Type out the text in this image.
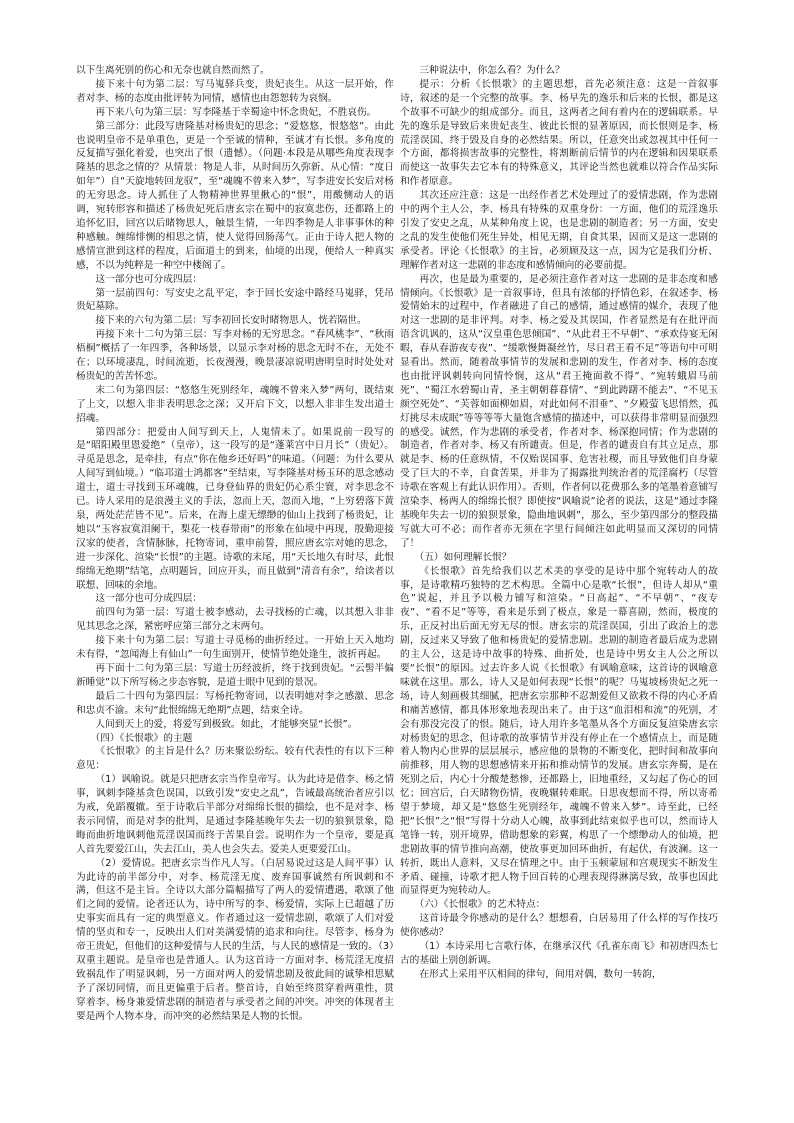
以下生离死别的伤心和无奈也就自然而然了。

接下来十句为第二层：写马嵬驿兵变，贵妃丧生。从这一层开始，作者对李、杨的态度由批评转为同情，感情也由怨恕转为哀悯。

再下来八句为第三层：写李隆基于幸蜀途中怀念贵妃，不胜哀伤。

第三部分：此段写唐隆基对杨贵妃的思念；“爱悠悠，恨悠悠”。由此也说明皇帝不是单重色，更是一个至诚的情种，至诚才有长恨。多角度的反复描写强化着爱，也突出了恨（遗憾）。（问题·本段是从哪些角度表现李隆基的思念之情的？从情景：物是人非，从时间历久弥新、从心情：“度日如年”）自“天旋地转回龙驭”，至“魂魄不曾来入梦”，写李进安长安后对杨的无穷思念。诗人抓住了人物精神世界里揪心的“恨”，用酸恻动人的语调，宛转形容和描述了杨贵妃死后唐玄宗在蜀中的寂寞悲伤，还都路上的追怀忆旧，回宫以后睹物思人，触景生情，一年四季物是人非事事休的种种感触。缠绵悱恻的相思之情，使人觉得回肠荡气。正由于诗人把人物的感情宣泄到这样的程度，后面道士的到来，仙境的出现，便给人一种真实感，不以为纯粹是一种空中楼阁了。

这一部分也可分成四层：

第一层前四句：写安史之乱平定，李于回长安途中路经马嵬驿，凭吊贵妃墓除。

接下来的六句为第二层：写李初回长安时睹物思人，恍若隔世。

再接下来十二句为第三层：写李对杨的无穷思念。“春风桃李”、“秋雨梧桐”概括了一年四季，各种场景，以显示李对杨的思念无时不在，无处不在；以环境凄乱，时间流逝，长夜漫漫，晚景凄凉说明唐明皇时时处处对杨贵妃的苦苦怀恋。

末二句为第四层：“悠悠生死别经年，魂魄不曾来入梦”两句，既结束了上文，以想入非非表明思念之深；又开启下文，以想入非非生发出道士招魂。

第四部分：把爱由人间写到天上，人鬼情未了。如果说前一段写的是“昭阳殿里恩爱绝”（皇帝），这一段写的是“蓬莱宫中日月长”（贵妃）。寻觅是思念，是牵挂，有点“你在他乡还好吗”的味道。（问题：为什么要从人间写到仙境。）“临邛道士鸿都客”至结束，写李隆基对杨玉环的思念感动道士，道士寻找到玉环魂魄，已身登仙界的贵妃仍心系尘寰，对李思念不已。诗人采用的是浪漫主义的手法，忽而上天，忽而入地，“上穷碧落下黄泉，两处茫茫皆不见”。后来，在海上虚无缥缈的仙山上找到了杨贵妃，让她以“玉容寂寞泪阑干，梨花一枝春带雨”的形象在仙境中再现，殷勤迎接汉家的使者，含情脉脉，托物寄词，重申前誓，照应唐玄宗对她的思念，进一步深化、渲染“长恨”的主题。诗歌的末尾，用“天长地久有时尽，此恨绵绵无绝期”结笔，点明题旨，回应开头，而且做到“清音有余”，给读者以联想、回味的余地。

这一部分也可分成四层：

前四句为第一层：写道士被李感动，去寻找杨的亡魂，以其想入非非见其思念之深，紧密呼应第三部分之末两句。

接下来十句为第二层：写道士寻觅杨的曲折经过。一开始上天入地均未有得，“忽闻海上有仙山”一句生面别开，使情节绝处逢生，波折再起。

再下面十二句为第三层：写道士历经波折，终于找到贵妃。“云髻半偏新睡觉”以下所写杨之步态容貌，是道士眼中见到的景况。

最后二十四句为第四层：写杨托物寄词，以表明她对李之感激、思念和忠贞不渝。末句“此恨绵绵无绝期”点题，结束全诗。

人间到天上的爱，将爱写到极致。如此，才能够突显“长恨”。

（四）《长恨歌》的主题

《长恨歌》的主旨是什么？历来聚讼纷纭。较有代表性的有以下三种意见：

（1）讽喻说。就是只把唐玄宗当作皇帝写。认为此诗是借李、杨之情事，讽刺李隆基贪色误国，以致引发“安史之乱”，告诫最高统治者应引以为戒，免蹈覆辙。至于诗歌后半部分对绵绵长恨的描绘，也不是对李、杨表示同情，而是对李的批判，是通过李隆基晚年失去一切的狼狈景象，隐晦而曲折地讽刺他荒淫误国而终于苦果自尝。说明作为一个皇帝，要是真人首先要爱江山，失去江山，美人也会失去。爱美人更要爱江山。

（2）爱情说。把唐玄宗当作凡人写。（白居易说过这是人间平事）认为此诗的前半部分中，对李、杨荒淫无度、废弃国事诚然有所讽刺和不满，但这不是主旨。全诗以大部分篇幅描写了两人的爱情遭遇，歌颂了他们之间的爱情。论者还认为，诗中所写的李、杨爱情，实际上已超越了历史事实而具有一定的典型意义。作者通过这一爱情悲剧，歌颂了人们对爱情的坚贞和专一，反映出人们对美满爱情的追求和向往。尽管李、杨身为帝王贵妃，但他们的这种爱情与人民的生活，与人民的感情是一致的。（3）双重主题说。是皇帝也是普通人。认为这首诗一方面对李、杨荒淫无度招致祸乱作了明显讽刺，另一方面对两人的爱情悲剧及彼此间的诚挚相思赋予了深切同情，而且更偏重于后者。整首诗，自始至终贯穿着两重性，贯穿着李、杨身兼爱情悲剧的制造者与承受者之间的冲突。冲突的体现者主要是两个人物本身，而冲突的必然结果是人物的长恨。

三种说法中，你怎么看？为什么？

提示：分析《长恨歌》的主题思想，首先必须注意：这是一首叙事诗，叙述的是一个完整的故事。李、杨早先的逸乐和后来的长恨，都是这个故事不可缺少的组成部分。而且，这两者之间有着内在的逻辑联系。早先的逸乐是导致后来贵妃丧生、彼此长恨的显著原因，而长恨则是李、杨荒淫误国、终于毁及自身的必然结果。所以，任意突出或忽视其中任何一个方面，都将损害故事的完整性，将割断前后情节的内在逻辑和因果联系而使这一故事失去它本有的特殊意义，其评论当然也就难以符合作品实际和作者原意。

其次还应注意：这是一出经作者艺术处理过了的爱情悲剧，作为悲剧中的两个主人公，李、杨具有特殊的双重身份：一方面，他们的荒淫逸乐引发了安史之乱，从某种角度上说，也是悲剧的制造者；另一方面，安史之乱的发生使他们死生异处，相见无期，自食其果，因而又是这一悲剧的承受者。评论《长恨歌》的主旨，必须顾及这一点，因为它是我们分析、理解作者对这一悲剧的非态度和感情倾向的必要前提。

再次，也是最为重要的，是必须注意作者对这一悲剧的是非态度和感情倾向。《长恨歌》是一首叙事诗，但具有浓郁的抒情色彩，在叙述李、杨爱情始末的过程中，作者融进了自己的感情，通过感情的媒介，表现了他对这一悲剧的是非评判。对李、杨之爱及其误国，作者显然是有在批评而语含讥讽的，这从“汉皇重色思倾国”、“从此君王不早朝”、“承欢侍宴无闲暇，春从春游夜专夜”、“缓歌慢舞凝丝竹，尽日君王看不足”等语句中可明显看出。然而，随着故事情节的发展和悲剧的发生，作者对李、杨的态度也由批评讽刺转向同情怜悯，这从“君王掩面救不得”、“宛转蛾眉马前死”、“蜀江水碧蜀山青，圣主朝朝暮暮情”、“到此踌躇不能去”、“不见玉颜空死处”、“芙蓉如面柳如眉，对此如何不泪垂”、“夕殿萤飞思悄然，孤灯挑尽未成眠”等等等等大量饱含感情的描述中，可以获得非常明显而强烈的感受。诚然，作为悲剧的承受者，作者对李、杨深抱同情；作为悲剧的制造者，作者对李、杨又有所谴责。但是，作者的谴责自有其立足点，那就是李、杨的任意纵情，不仅贻误国事、危害社稷，而且导致他们自身蒙受了巨大的不幸，自食苦果，并非为了揭露批判统治者的荒淫腐朽（尽管诗歌在客观上有此认识作用）。否则，作者何以花费那么多的笔墨着意铺写渲染李、杨两人的绵绵长恨？即使按“讽喻说”论者的说法，这是“通过李隆基晚年失去一切的狼狈景象，隐曲地讽刺”，那么，至少第四部分的整段描写就大可不必；而作者亦无须在字里行间倾注如此明显而又深切的同情了！

（五）如何理解长恨？

《长恨歌》首先给我们以艺术美的享受的是诗中那个宛转动人的故事，是诗歌精巧独特的艺术构思。全篇中心是歌“长恨”，但诗人却从“重色”说起，并且予以极力铺写和渲染。“日高起”、“不早朝”、“夜专夜”、“看不足”等等，看来是乐到了极点，象是一幕喜剧，然而，极度的乐，正反衬出后面无穷无尽的恨。唐玄宗的荒淫误国，引出了政治上的悲剧，反过来又导致了他和杨贵妃的爱情悲剧。悲剧的制造者最后成为悲剧的主人公，这是诗中故事的特殊、曲折处，也是诗中男女主人公之所以要“长恨”的原因。过去许多人说《长恨歌》有讽喻意味，这首诗的讽喻意味就在这里。那么，诗人又是如何表现“长恨”的呢？马嵬坡杨贵妃之死一场，诗人刻画极其细腻，把唐玄宗那种不忍割爱但又欲救不得的内心矛盾和痛苦感情，都具体形象地表现出来了。由于这“血泪相和流”的死别，才会有那没完没了的恨。随后，诗人用许多笔墨从各个方面反复渲染唐玄宗对杨贵妃的思念，但诗歌的故事情节并没有停止在一个感情点上，而是随着人物内心世界的层层展示，感应他的景物的不断变化，把时间和故事向前推移，用人物的思想感情来开拓和推动情节的发展。唐玄宗奔蜀，是在死别之后，内心十分酸楚愁惨，还都路上，旧地重经，又勾起了伤心的回忆；回宫后，白天睹物伤情，夜晚辗转难眠。日思夜想而不得，所以寄希望于梦境，却又是“悠悠生死别经年，魂魄不曾来入梦”。诗至此，已经把“长恨”之“恨”写得十分动人心魄，故事到此结束似乎也可以，然而诗人笔锋一转，别开境界，借助想象的彩翼，构思了一个缥缈动人的仙境，把悲剧故事的情节推向高潮，使故事更加回环曲折，有起伏，有波澜。这一转折，既出人意料，又尽在情理之中。由于玉顿蒙屈和宫观现实不断发生矛盾、碰撞，诗歌才把人物千回百转的心理表现得淋漓尽致，故事也因此而显得更为宛转动人。

（六）《长恨歌》的艺术特点：

这首诗最令你感动的是什么？想想看，白居易用了什么样的写作技巧使你感动？

（1）本诗采用七言歌行体，在继承汉代《孔雀东南飞》和初唐四杰七古的基础上别创新调。

在形式上采用平仄相间的律句，间用对偶，数句一转韵，
